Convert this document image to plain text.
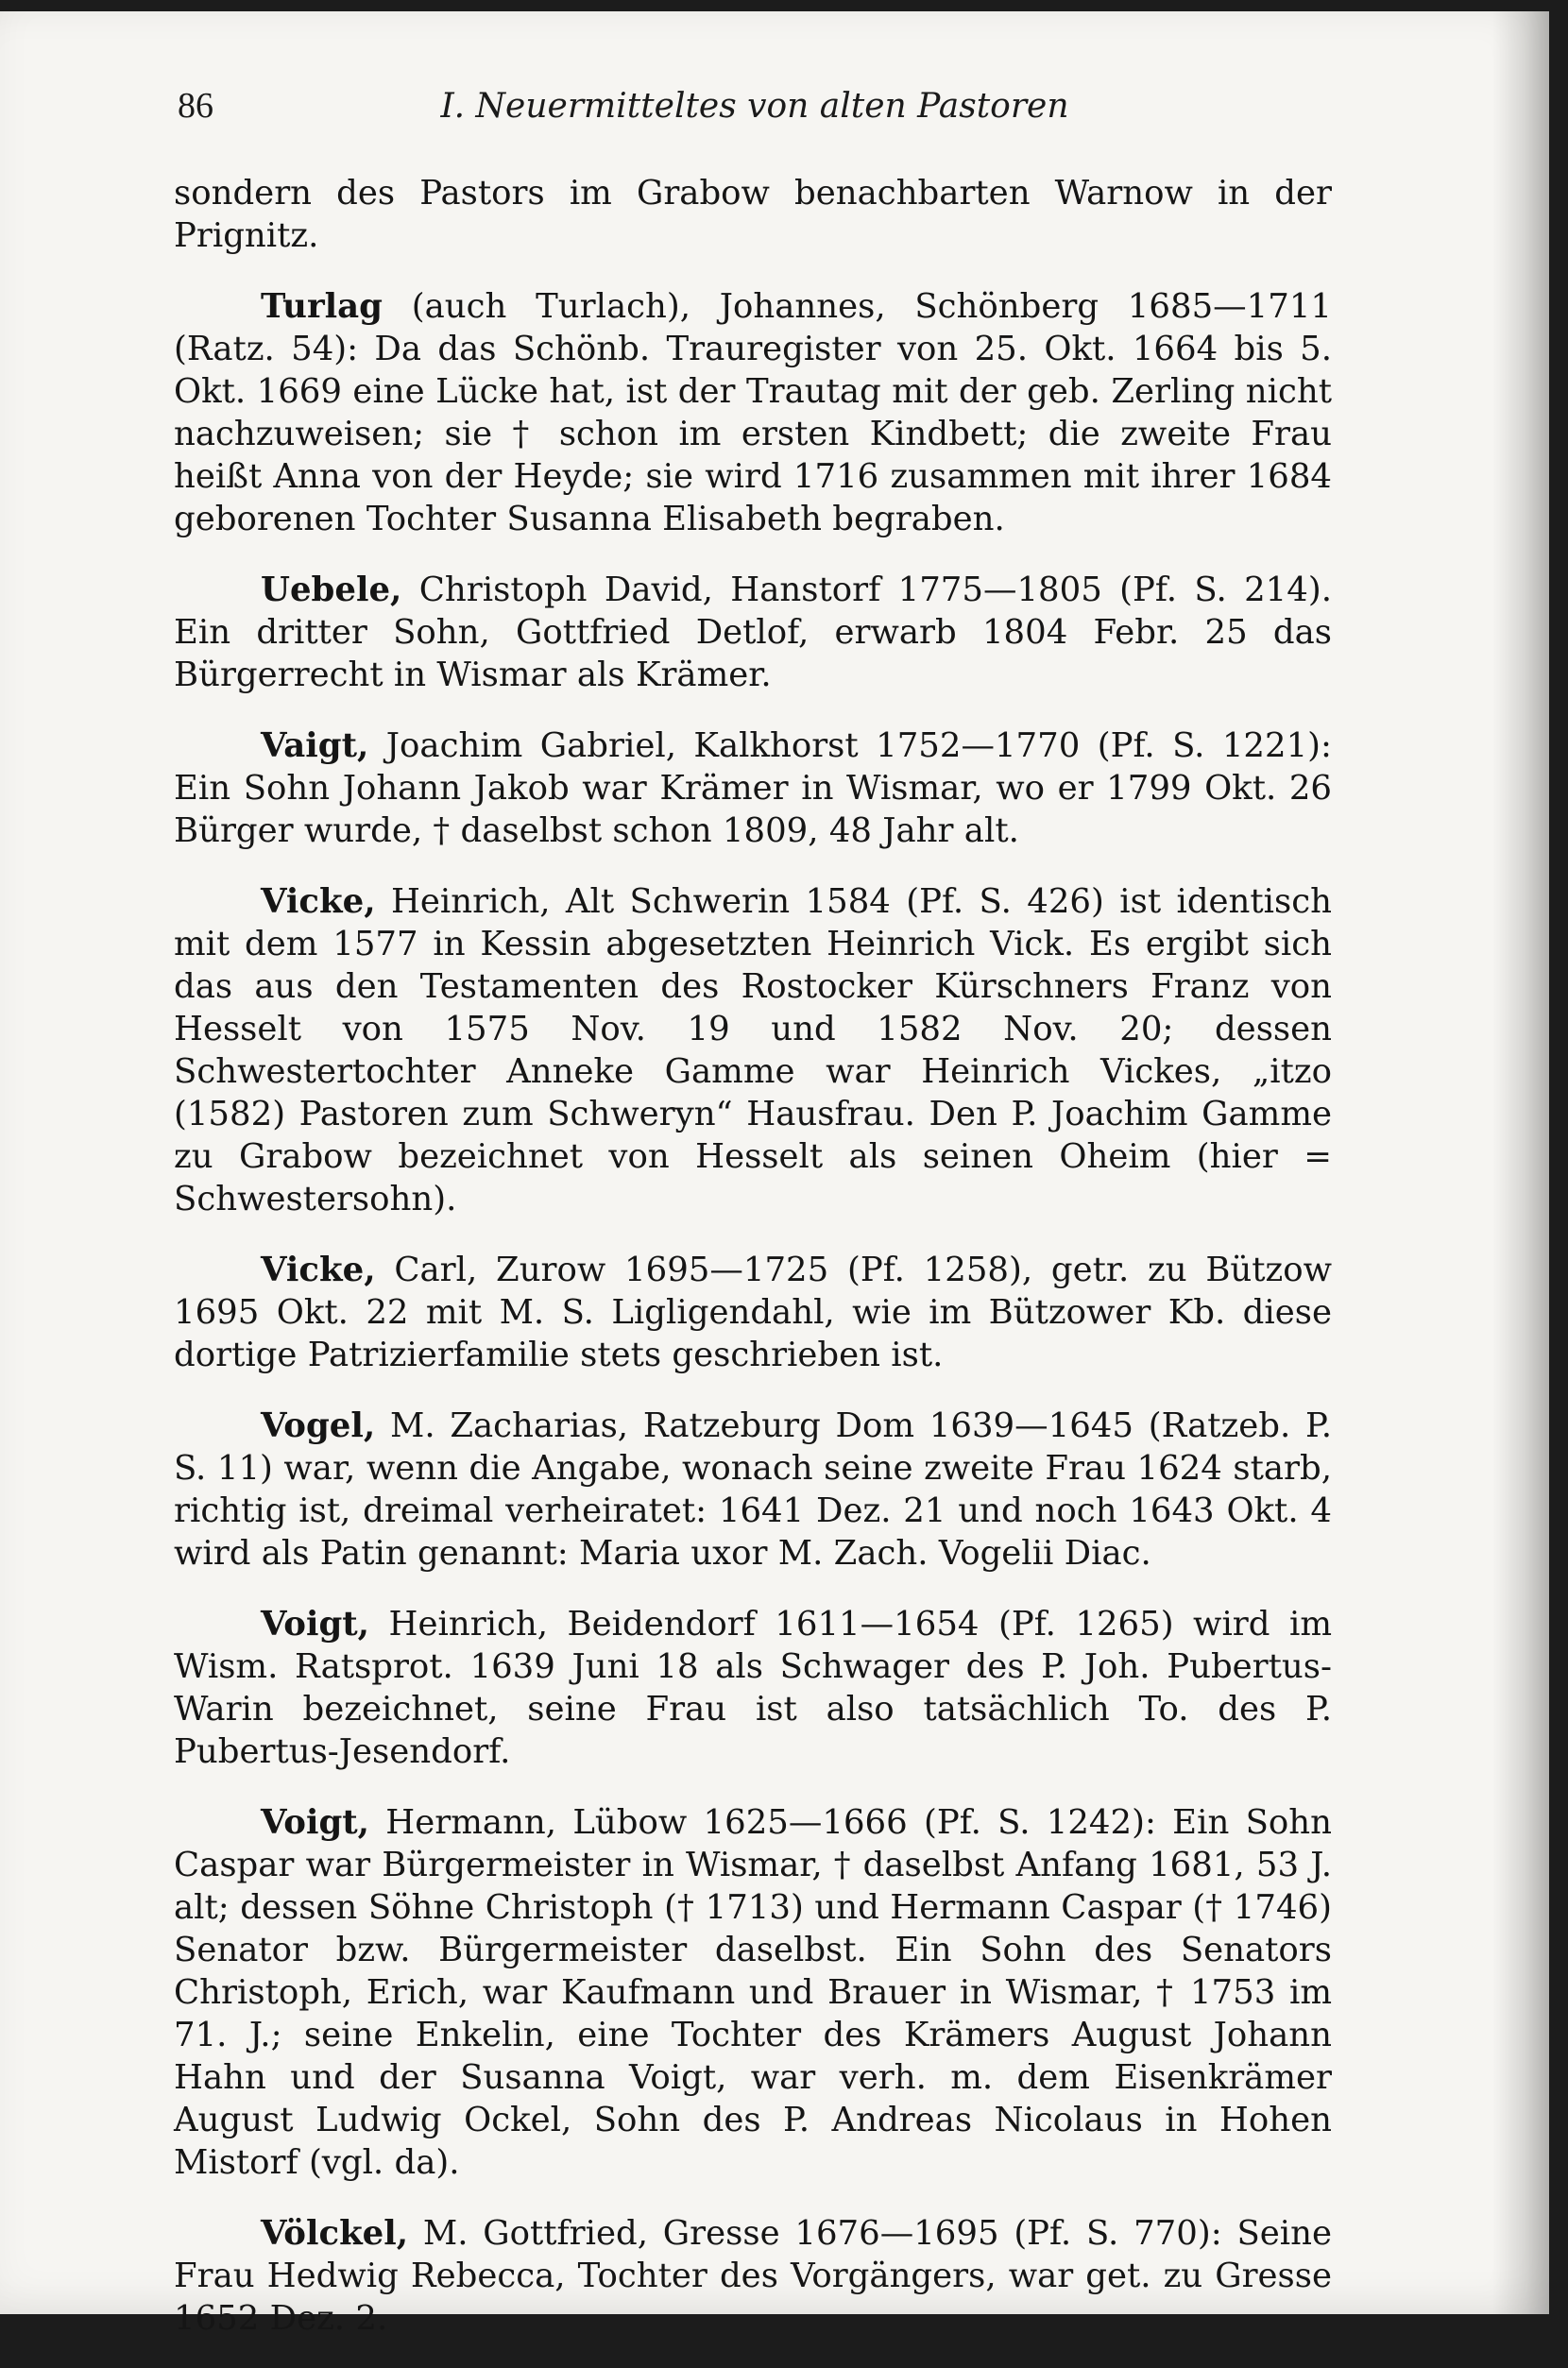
86	I. Neuermitteltes von alten Pastoren

sondern des Pastors im Grabow benachbarten Warnow in der Prignitz.

Turlag (auch Turlach), Johannes, Schönberg 1685—1711 (Ratz. 54): Da das Schönb. Trauregister von 25. Okt. 1664 bis 5. Okt. 1669 eine Lücke hat, ist der Trautag mit der geb. Zerling nicht nachzuweisen; sie † schon im ersten Kindbett; die zweite Frau heißt Anna von der Heyde; sie wird 1716 zusammen mit ihrer 1684 geborenen Tochter Susanna Elisabeth begraben.

Uebele, Christoph David, Hanstorf 1775—1805 (Pf. S. 214). Ein dritter Sohn, Gottfried Detlof, erwarb 1804 Febr. 25 das Bürgerrecht in Wismar als Krämer.

Vaigt, Joachim Gabriel, Kalkhorst 1752—1770 (Pf. S. 1221): Ein Sohn Johann Jakob war Krämer in Wismar, wo er 1799 Okt. 26 Bürger wurde, † daselbst schon 1809, 48 Jahr alt.

Vicke, Heinrich, Alt Schwerin 1584 (Pf. S. 426) ist identisch mit dem 1577 in Kessin abgesetzten Heinrich Vick. Es ergibt sich das aus den Testamenten des Rostocker Kürschners Franz von Hesselt von 1575 Nov. 19 und 1582 Nov. 20; dessen Schwestertochter Anneke Gamme war Heinrich Vickes, „itzo (1582) Pastoren zum Schweryn“ Hausfrau. Den P. Joachim Gamme zu Grabow bezeichnet von Hesselt als seinen Oheim (hier = Schwestersohn).

Vicke, Carl, Zurow 1695—1725 (Pf. 1258), getr. zu Bützow 1695 Okt. 22 mit M. S. Ligligendahl, wie im Bützower Kb. diese dortige Patrizierfamilie stets geschrieben ist.

Vogel, M. Zacharias, Ratzeburg Dom 1639—1645 (Ratzeb. P. S. 11) war, wenn die Angabe, wonach seine zweite Frau 1624 starb, richtig ist, dreimal verheiratet: 1641 Dez. 21 und noch 1643 Okt. 4 wird als Patin genannt: Maria uxor M. Zach. Vogelii Diac.

Voigt, Heinrich, Beidendorf 1611—1654 (Pf. 1265) wird im Wism. Ratsprot. 1639 Juni 18 als Schwager des P. Joh. Pubertus-Warin bezeichnet, seine Frau ist also tatsächlich To. des P. Pubertus-Jesendorf.

Voigt, Hermann, Lübow 1625—1666 (Pf. S. 1242): Ein Sohn Caspar war Bürgermeister in Wismar, † daselbst Anfang 1681, 53 J. alt; dessen Söhne Christoph († 1713) und Hermann Caspar († 1746) Senator bzw. Bürgermeister daselbst. Ein Sohn des Senators Christoph, Erich, war Kaufmann und Brauer in Wismar, † 1753 im 71. J.; seine Enkelin, eine Tochter des Krämers August Johann Hahn und der Susanna Voigt, war verh. m. dem Eisenkrämer August Ludwig Ockel, Sohn des P. Andreas Nicolaus in Hohen Mistorf (vgl. da).

Völckel, M. Gottfried, Gresse 1676—1695 (Pf. S. 770): Seine Frau Hedwig Rebecca, Tochter des Vorgängers, war get. zu Gresse 1652 Dez. 2.
